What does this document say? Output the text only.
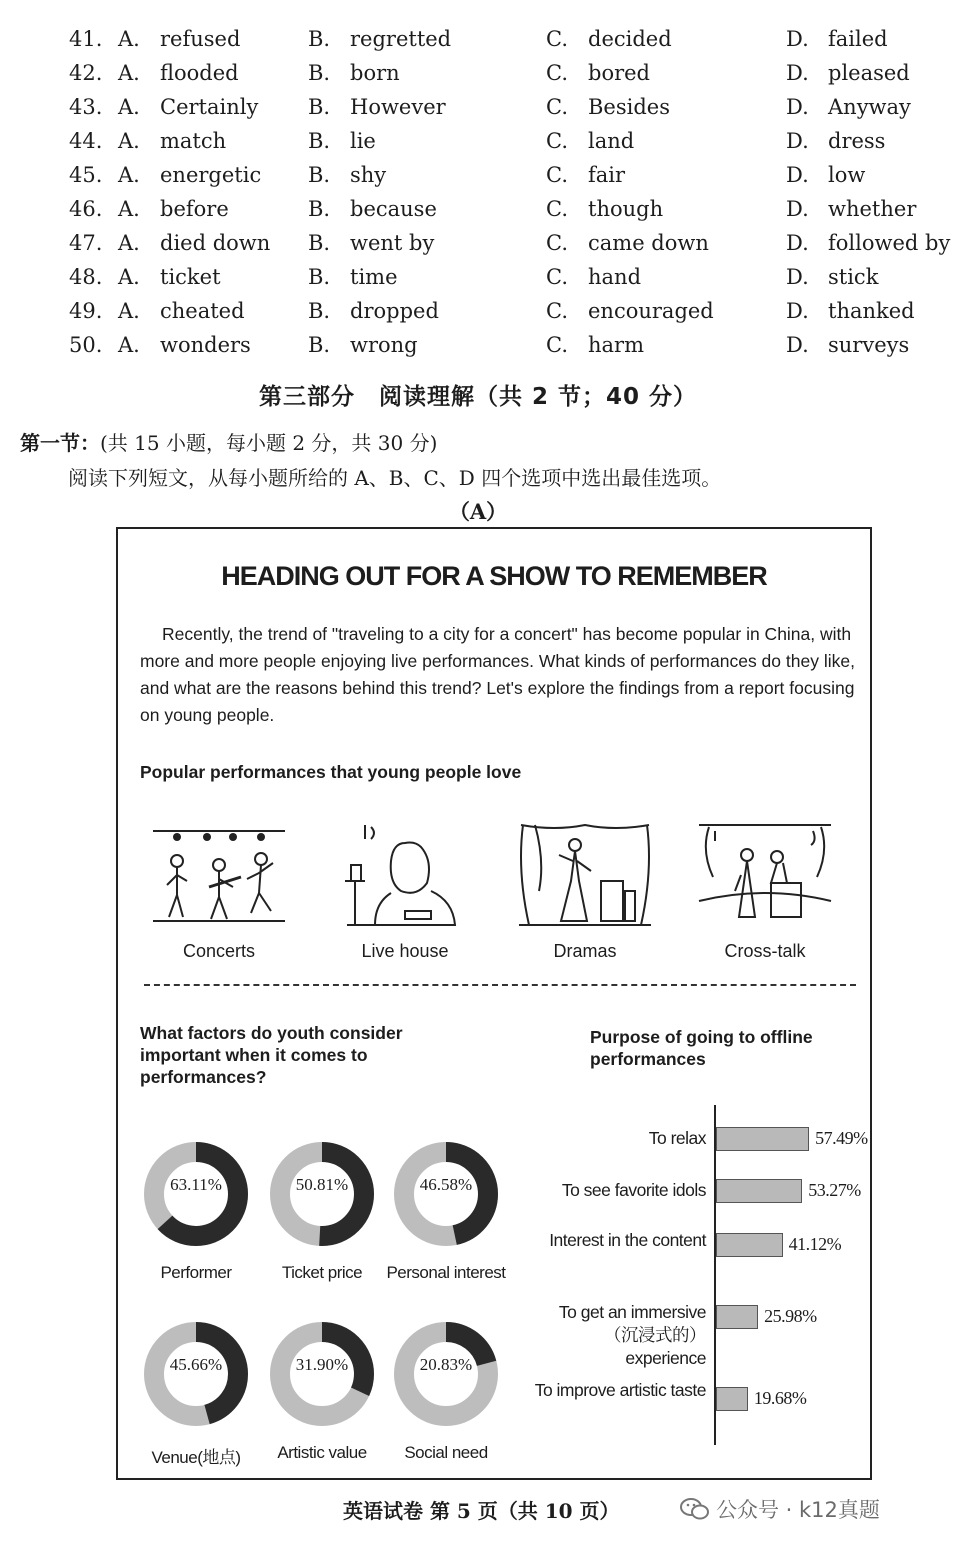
41. A. refused	B. regretted	C. decided	D. failed
42. A. flooded	B. born	C. bored	D. pleased
43. A. Certainly B. However	C. Besides	D. Anyway
44. A. match	B. lie	C. land	D. dress
45. A. energetic B. shy	C. fair	D. low
46. A. before	B. because	C. though	D. whether
47. A. died down B. went by	C. came down	D. followed by
48. A. ticket	B. time	C. hand	D. stick
49. A. cheated	B. dropped	C. encouraged	D. thanked
50. A. wonders	B. wrong	C. harm	D. surveys
第三部分　阅读理解（共 2 节；40 分）
第一节：(共 15 小题，每小题 2 分，共 30 分)
阅读下列短文，从每小题所给的 A、B、C、D 四个选项中选出最佳选项。
（A）
HEADING OUT FOR A SHOW TO REMEMBER
Recently, the trend of "traveling to a city for a concert" has become popular in China, with more and more people enjoying live performances. What kinds of performances do they like, and what are the reasons behind this trend? Let's explore the findings from a report focusing on young people.
Popular performances that young people love
Concerts	Live house	Dramas	Cross-talk
What factors do youth consider important when it comes to performances?
Purpose of going to offline performances
63.11%
Performer
50.81%
Ticket price
46.58%
Personal interest
45.66%
Venue(地点)
31.90%
Artistic value
20.83%
Social need
To relax	57.49%
To see favorite idols	53.27%
Interest in the content	41.12%
To get an immersive（沉浸式的）experience
25.98%
To improve artistic taste	19.68%
英语试卷 第 5 页（共 10 页）	公众号 · k12真题
